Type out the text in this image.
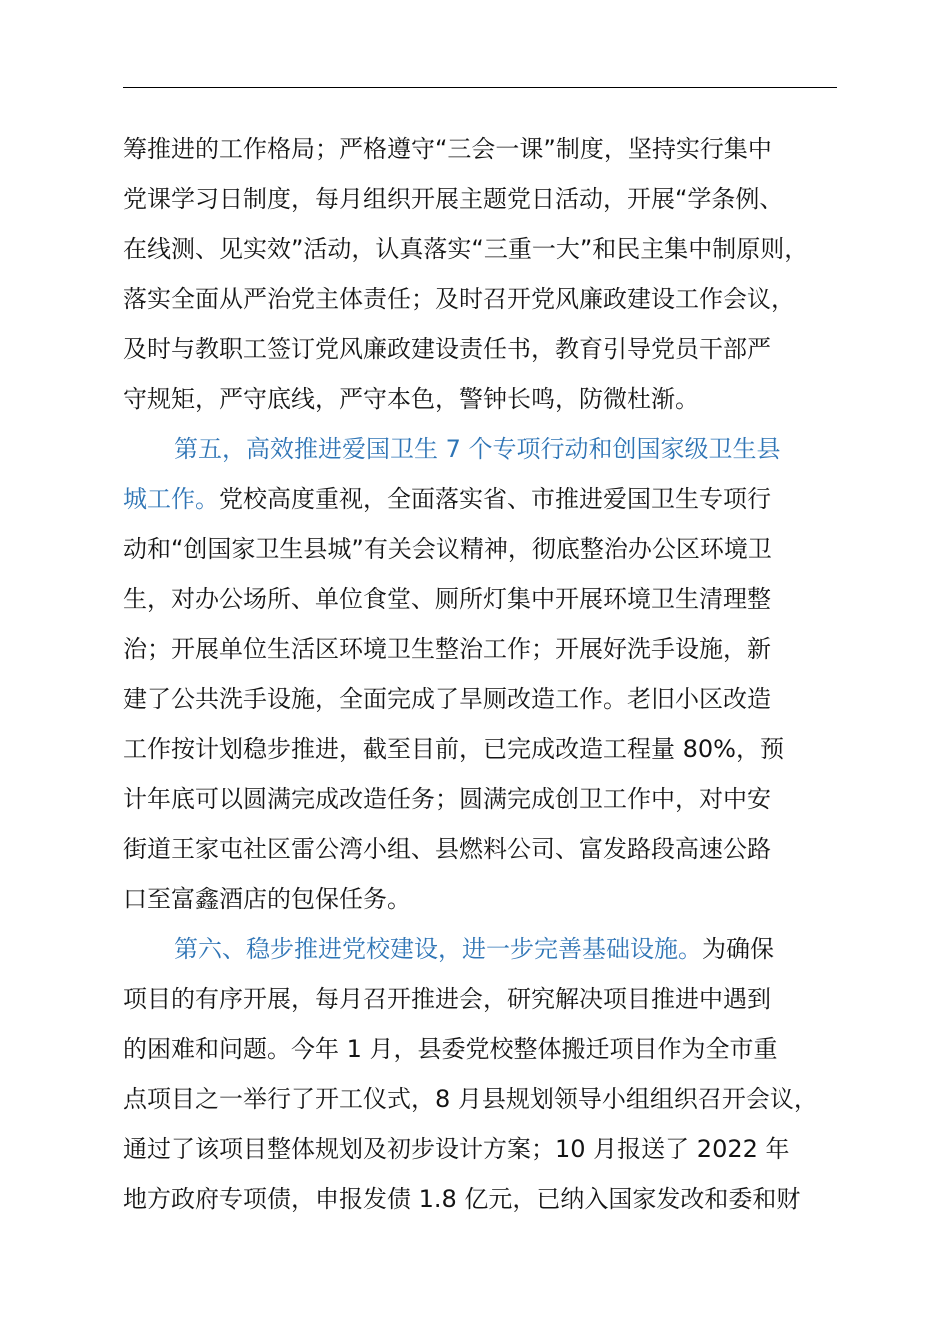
筹推进的工作格局；严格遵守“三会一课”制度，坚持实行集中
党课学习日制度，每月组织开展主题党日活动，开展“学条例、
在线测、见实效”活动，认真落实“三重一大”和民主集中制原则，
落实全面从严治党主体责任；及时召开党风廉政建设工作会议，
及时与教职工签订党风廉政建设责任书，教育引导党员干部严
守规矩，严守底线，严守本色，警钟长鸣，防微杜渐。
第五，高效推进爱国卫生 7 个专项行动和创国家级卫生县
城工作。党校高度重视，全面落实省、市推进爱国卫生专项行
动和“创国家卫生县城”有关会议精神，彻底整治办公区环境卫
生，对办公场所、单位食堂、厕所灯集中开展环境卫生清理整
治；开展单位生活区环境卫生整治工作；开展好洗手设施，新
建了公共洗手设施，全面完成了旱厕改造工作。老旧小区改造
工作按计划稳步推进，截至目前，已完成改造工程量 80%，预
计年底可以圆满完成改造任务；圆满完成创卫工作中，对中安
街道王家屯社区雷公湾小组、县燃料公司、富发路段高速公路
口至富鑫酒店的包保任务。
第六、稳步推进党校建设，进一步完善基础设施。为确保
项目的有序开展，每月召开推进会，研究解决项目推进中遇到
的困难和问题。今年 1 月，县委党校整体搬迁项目作为全市重
点项目之一举行了开工仪式，8 月县规划领导小组组织召开会议，
通过了该项目整体规划及初步设计方案；10 月报送了 2022 年
地方政府专项债，申报发债 1.8 亿元，已纳入国家发改和委和财
